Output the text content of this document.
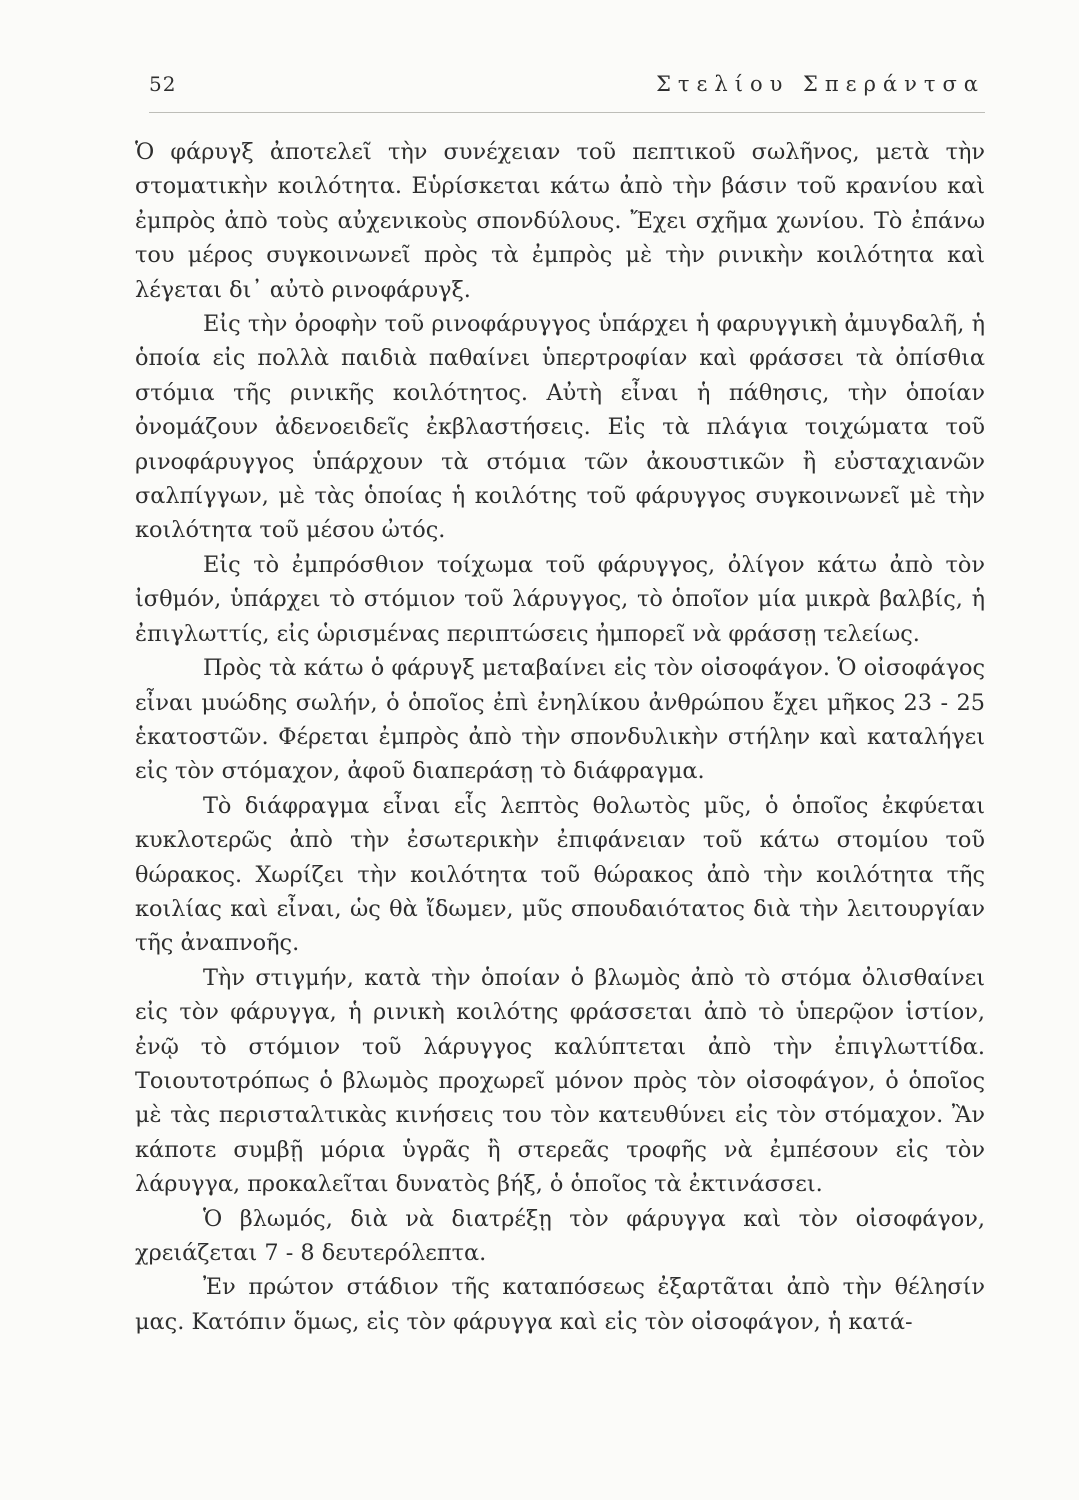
52	Στελίου Σπεράντσα

Ὁ φάρυγξ ἀποτελεῖ τὴν συνέχειαν τοῦ πεπτικοῦ σωλῆνος, μετὰ τὴν στοματικὴν κοιλότητα. Εὑρίσκεται κάτω ἀπὸ τὴν βάσιν τοῦ κρανίου καὶ ἐμπρὸς ἀπὸ τοὺς αὐχενικοὺς σπονδύλους. Ἔχει σχῆμα χωνίου. Τὸ ἐπάνω του μέρος συγκοινωνεῖ πρὸς τὰ ἐμπρὸς μὲ τὴν ρινικὴν κοιλότητα καὶ λέγεται δι᾽ αὐτὸ ρινοφάρυγξ.

Εἰς τὴν ὀροφὴν τοῦ ρινοφάρυγγος ὑπάρχει ἡ φαρυγγικὴ ἀμυγδαλῆ, ἡ ὁποία εἰς πολλὰ παιδιὰ παθαίνει ὑπερτροφίαν καὶ φράσσει τὰ ὀπίσθια στόμια τῆς ρινικῆς κοιλότητος. Αὐτὴ εἶναι ἡ πάθησις, τὴν ὁποίαν ὀνομάζουν ἀδενοειδεῖς ἐκβλαστήσεις. Εἰς τὰ πλάγια τοιχώματα τοῦ ρινοφάρυγγος ὑπάρχουν τὰ στόμια τῶν ἀκουστικῶν ἢ εὐσταχιανῶν σαλπίγγων, μὲ τὰς ὁποίας ἡ κοιλότης τοῦ φάρυγγος συγκοινωνεῖ μὲ τὴν κοιλότητα τοῦ μέσου ὠτός.

Εἰς τὸ ἐμπρόσθιον τοίχωμα τοῦ φάρυγγος, ὀλίγον κάτω ἀπὸ τὸν ἰσθμόν, ὑπάρχει τὸ στόμιον τοῦ λάρυγγος, τὸ ὁποῖον μία μικρὰ βαλβίς, ἡ ἐπιγλωττίς, εἰς ὡρισμένας περιπτώσεις ἠμπορεῖ νὰ φράσσῃ τελείως.

Πρὸς τὰ κάτω ὁ φάρυγξ μεταβαίνει εἰς τὸν οἰσοφάγον. Ὁ οἰσοφάγος εἶναι μυώδης σωλήν, ὁ ὁποῖος ἐπὶ ἐνηλίκου ἀνθρώπου ἔχει μῆκος 23 - 25 ἑκατοστῶν. Φέρεται ἐμπρὸς ἀπὸ τὴν σπονδυλικὴν στήλην καὶ καταλήγει εἰς τὸν στόμαχον, ἀφοῦ διαπεράσῃ τὸ διάφραγμα.

Τὸ διάφραγμα εἶναι εἷς λεπτὸς θολωτὸς μῦς, ὁ ὁποῖος ἐκφύεται κυκλοτερῶς ἀπὸ τὴν ἐσωτερικὴν ἐπιφάνειαν τοῦ κάτω στομίου τοῦ θώρακος. Χωρίζει τὴν κοιλότητα τοῦ θώρακος ἀπὸ τὴν κοιλότητα τῆς κοιλίας καὶ εἶναι, ὡς θὰ ἴδωμεν, μῦς σπουδαιότατος διὰ τὴν λειτουργίαν τῆς ἀναπνοῆς.

Τὴν στιγμήν, κατὰ τὴν ὁποίαν ὁ βλωμὸς ἀπὸ τὸ στόμα ὀλισθαίνει εἰς τὸν φάρυγγα, ἡ ρινικὴ κοιλότης φράσσεται ἀπὸ τὸ ὑπερῷον ἱστίον, ἐνῷ τὸ στόμιον τοῦ λάρυγγος καλύπτεται ἀπὸ τὴν ἐπιγλωττίδα. Τοιουτοτρόπως ὁ βλωμὸς προχωρεῖ μόνον πρὸς τὸν οἰσοφάγον, ὁ ὁποῖος μὲ τὰς περισταλτικὰς κινήσεις του τὸν κατευθύνει εἰς τὸν στόμαχον. Ἂν κάποτε συμβῇ μόρια ὑγρᾶς ἢ στερεᾶς τροφῆς νὰ ἐμπέσουν εἰς τὸν λάρυγγα, προκαλεῖται δυνατὸς βήξ, ὁ ὁποῖος τὰ ἐκτινάσσει.

Ὁ βλωμός, διὰ νὰ διατρέξῃ τὸν φάρυγγα καὶ τὸν οἰσοφάγον, χρειάζεται 7 - 8 δευτερόλεπτα.

Ἐν πρώτον στάδιον τῆς καταπόσεως ἐξαρτᾶται ἀπὸ τὴν θέλησίν μας. Κατόπιν ὅμως, εἰς τὸν φάρυγγα καὶ εἰς τὸν οἰσοφάγον, ἡ κατά-
